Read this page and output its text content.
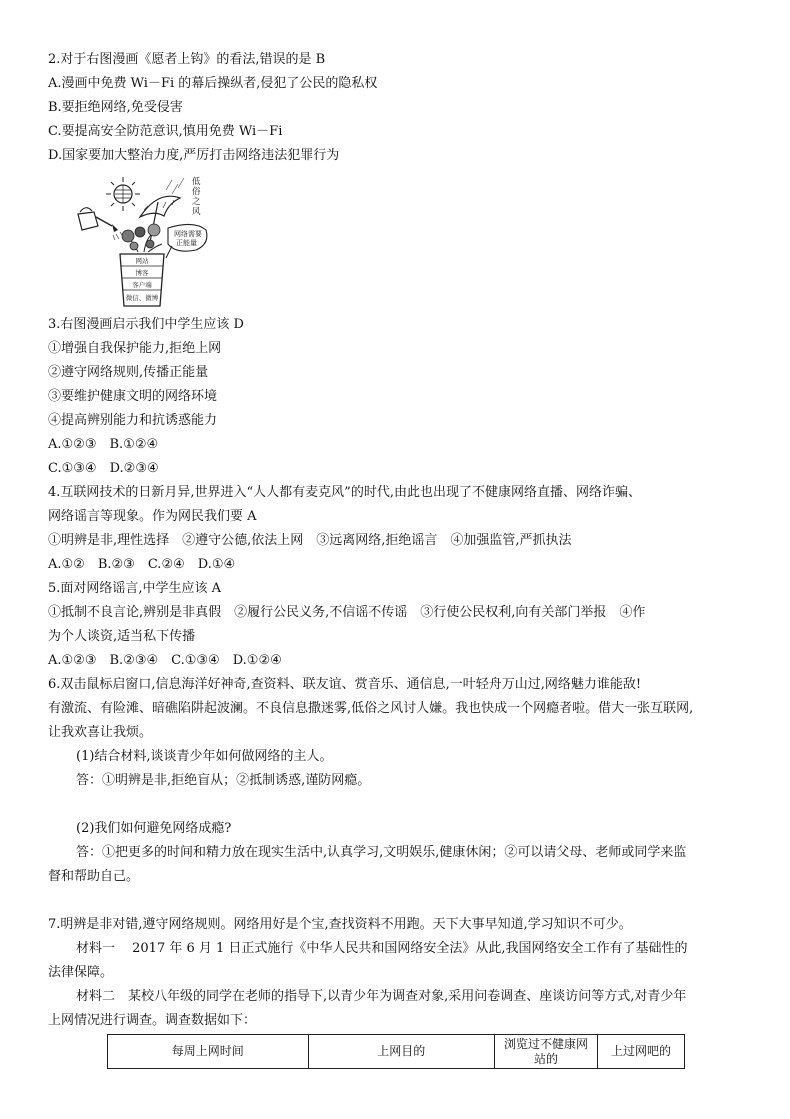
2.对于右图漫画《愿者上钩》的看法,错误的是 B
A.漫画中免费 Wi－Fi 的幕后操纵者,侵犯了公民的隐私权
B.要拒绝网络,免受侵害
C.要提高安全防范意识,慎用免费 Wi－Fi
D.国家要加大整治力度,严厉打击网络违法犯罪行为
低俗之风
网络需要正能量
网站
博客
客户端
微信、微博
3.右图漫画启示我们中学生应该 D
①增强自我保护能力,拒绝上网
②遵守网络规则,传播正能量
③要维护健康文明的网络环境
④提高辨别能力和抗诱惑能力
A.①②③　B.①②④
C.①③④　D.②③④
4.互联网技术的日新月异,世界进入“人人都有麦克风”的时代,由此也出现了不健康网络直播、网络诈骗、
网络谣言等现象。作为网民我们要 A
①明辨是非,理性选择　②遵守公德,依法上网　③远离网络,拒绝谣言　④加强监管,严抓执法
A.①②　B.②③　C.②④　D.①④
5.面对网络谣言,中学生应该 A
①抵制不良言论,辨别是非真假　②履行公民义务,不信谣不传谣　③行使公民权利,向有关部门举报　④作
为个人谈资,适当私下传播
A.①②③　B.②③④　C.①③④　D.①②④
6.双击鼠标启窗口,信息海洋好神奇,查资料、联友谊、赏音乐、通信息,一叶轻舟万山过,网络魅力谁能敌!
有激流、有险滩、暗礁陷阱起波澜。不良信息撒迷雾,低俗之风讨人嫌。我也快成一个网瘾者啦。借大一张互联网,
让我欢喜让我烦。
(1)结合材料,谈谈青少年如何做网络的主人。
答：①明辨是非,拒绝盲从；②抵制诱惑,谨防网瘾。
(2)我们如何避免网络成瘾?
答：①把更多的时间和精力放在现实生活中,认真学习,文明娱乐,健康休闲；②可以请父母、老师或同学来监
督和帮助自己。
7.明辨是非对错,遵守网络规则。网络用好是个宝,查找资料不用跑。天下大事早知道,学习知识不可少。
材料一　 2017 年 6 月 1 日正式施行《中华人民共和国网络安全法》从此,我国网络安全工作有了基础性的
法律保障。
材料二　某校八年级的同学在老师的指导下,以青少年为调查对象,采用问卷调查、座谈访问等方式,对青少年
上网情况进行调查。调查数据如下：
每周上网时间	上网目的	浏览过不健康网站的	上过网吧的
